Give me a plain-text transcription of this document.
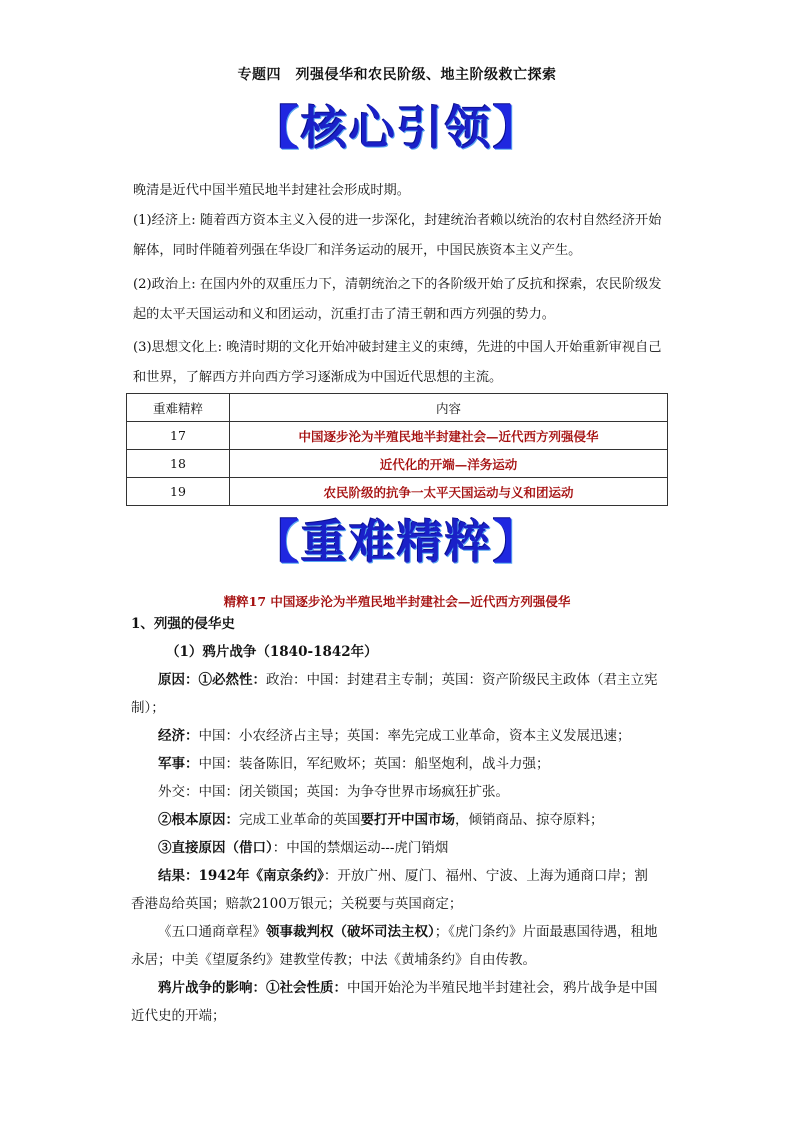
专题四　列强侵华和农民阶级、地主阶级救亡探索
【核心引领】

晚清是近代中国半殖民地半封建社会形成时期。

(1)经济上: 随着西方资本主义入侵的进一步深化，封建统治者赖以统治的农村自然经济开始解体，同时伴随着列强在华设厂和洋务运动的展开，中国民族资本主义产生。

(2)政治上: 在国内外的双重压力下，清朝统治之下的各阶级开始了反抗和探索，农民阶级发起的太平天国运动和义和团运动，沉重打击了清王朝和西方列强的势力。

(3)思想文化上: 晚清时期的文化开始冲破封建主义的束缚，先进的中国人开始重新审视自己和世界，了解西方并向西方学习逐渐成为中国近代思想的主流。

重难精粹	内容
17	中国逐步沦为半殖民地半封建社会—近代西方列强侵华
18	近代化的开端—洋务运动
19	农民阶级的抗争一太平天国运动与义和团运动
【重难精粹】
精粹17 中国逐步沦为半殖民地半封建社会—近代西方列强侵华

1、列强的侵华史

（1）鸦片战争（1840-1842年）

原因：①必然性：政治：中国：封建君主专制；英国：资产阶级民主政体（君主立宪制）；

经济：中国：小农经济占主导；英国：率先完成工业革命，资本主义发展迅速；

军事：中国：装备陈旧，军纪败坏；英国：船坚炮利，战斗力强；

外交：中国：闭关锁国；英国：为争夺世界市场疯狂扩张。

②根本原因：完成工业革命的英国要打开中国市场，倾销商品、掠夺原料；

③直接原因（借口）：中国的禁烟运动---虎门销烟

结果：1942年《南京条约》：开放广州、厦门、福州、宁波、上海为通商口岸；割香港岛给英国；赔款2100万银元；关税要与英国商定；

《五口通商章程》领事裁判权（破坏司法主权）；《虎门条约》片面最惠国待遇，租地永居；中美《望厦条约》建教堂传教；中法《黄埔条约》自由传教。

鸦片战争的影响：①社会性质：中国开始沦为半殖民地半封建社会，鸦片战争是中国近代史的开端；
